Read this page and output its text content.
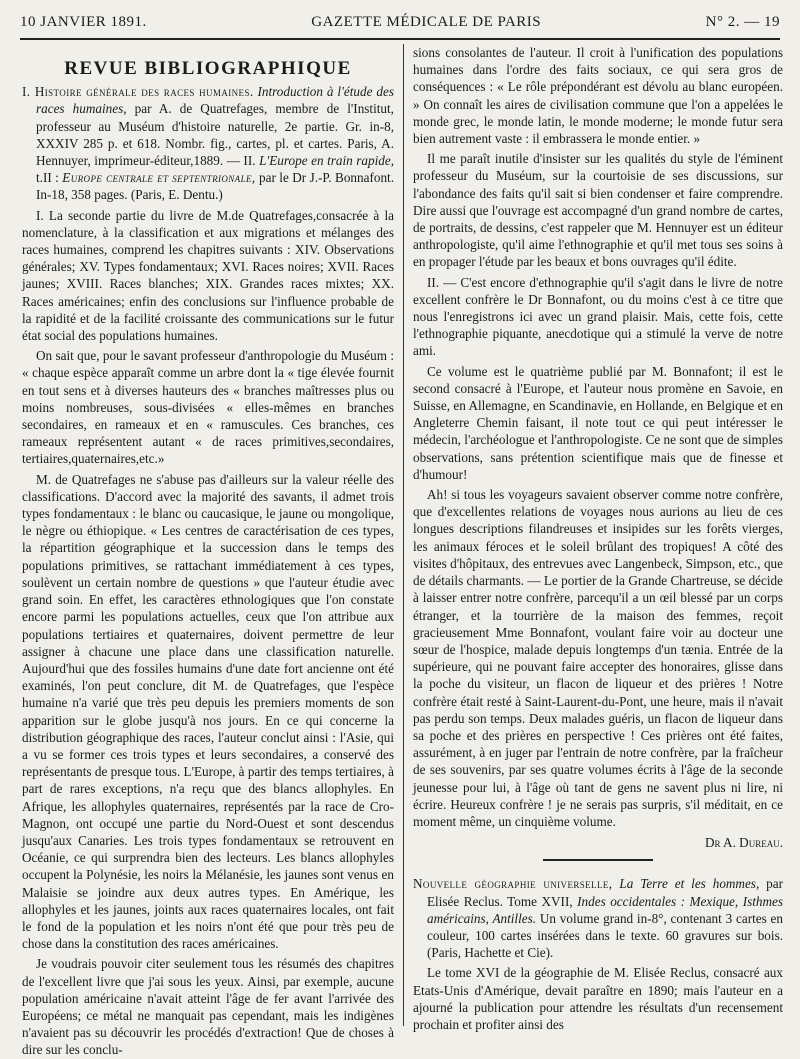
10 JANVIER 1891.	GAZETTE MÉDICALE DE PARIS	N° 2. — 19
REVUE BIBLIOGRAPHIQUE

I. Histoire générale des races humaines. Introduction à l'étude des races humaines, par A. de Quatrefages, membre de l'Institut, professeur au Muséum d'histoire naturelle, 2e partie. Gr. in-8, XXXIV 285 p. et 618. Nombr. fig., cartes, pl. et cartes. Paris, A. Hennuyer, imprimeur-éditeur,1889. — II. L'Europe en train rapide, t.II : Europe centrale et septentrionale, par le Dr J.-P. Bonnafont. In-18, 358 pages. (Paris, E. Dentu.)

I. La seconde partie du livre de M.de Quatrefages,consacrée à la nomenclature, à la classification et aux migrations et mélanges des races humaines, comprend les chapitres suivants : XIV. Observations générales; XV. Types fondamentaux; XVI. Races noires; XVII. Races jaunes; XVIII. Races blanches; XIX. Grandes races mixtes; XX. Races américaines; enfin des conclusions sur l'influence probable de la rapidité et de la facilité croissante des communications sur le futur état social des populations humaines.

On sait que, pour le savant professeur d'anthropologie du Muséum : « chaque espèce apparaît comme un arbre dont la « tige élevée fournit en tout sens et à diverses hauteurs des « branches maîtresses plus ou moins nombreuses, sous-divisées « elles-mêmes en branches secondaires, en rameaux et en « ramuscules. Ces branches, ces rameaux représentent autant « de races primitives,secondaires, tertiaires,quaternaires,etc.»

M. de Quatrefages ne s'abuse pas d'ailleurs sur la valeur réelle des classifications. D'accord avec la majorité des savants, il admet trois types fondamentaux : le blanc ou caucasique, le jaune ou mongolique, le nègre ou éthiopique. « Les centres de caractérisation de ces types, la répartition géographique et la succession dans le temps des populations primitives, se rattachant immédiatement à ces types, soulèvent un certain nombre de questions » que l'auteur étudie avec grand soin. En effet, les caractères ethnologiques que l'on constate encore parmi les populations actuelles, ceux que l'on attribue aux populations tertiaires et quaternaires, doivent permettre de leur assigner à chacune une place dans une classification naturelle. Aujourd'hui que des fossiles humains d'une date fort ancienne ont été examinés, l'on peut conclure, dit M. de Quatrefages, que l'espèce humaine n'a varié que très peu depuis les premiers moments de son apparition sur le globe jusqu'à nos jours. En ce qui concerne la distribution géographique des races, l'auteur conclut ainsi : l'Asie, qui a vu se former ces trois types et leurs secondaires, a conservé des représentants de presque tous. L'Europe, à partir des temps tertiaires, à part de rares exceptions, n'a reçu que des blancs allophyles. En Afrique, les allophyles quaternaires, représentés par la race de Cro-Magnon, ont occupé une partie du Nord-Ouest et sont descendus jusqu'aux Canaries. Les trois types fondamentaux se retrouvent en Océanie, ce qui surprendra bien des lecteurs. Les blancs allophyles occupent la Polynésie, les noirs la Mélanésie, les jaunes sont venus en Malaisie se joindre aux deux autres types. En Amérique, les allophyles et les jaunes, joints aux races quaternaires locales, ont fait le fond de la population et les noirs n'ont été que pour très peu de chose dans la constitution des races américaines.

Je voudrais pouvoir citer seulement tous les résumés des chapitres de l'excellent livre que j'ai sous les yeux. Ainsi, par exemple, aucune population américaine n'avait atteint l'âge de fer avant l'arrivée des Européens; ce métal ne manquait pas cependant, mais les indigènes n'avaient pas su découvrir les procédés d'extraction! Que de choses à dire sur les conclu-

sions consolantes de l'auteur. Il croit à l'unification des populations humaines dans l'ordre des faits sociaux, ce qui sera gros de conséquences : « Le rôle prépondérant est dévolu au blanc européen. » On connaît les aires de civilisation commune que l'on a appelées le monde grec, le monde latin, le monde moderne; le monde futur sera bien autrement vaste : il embrassera le monde entier. »

Il me paraît inutile d'insister sur les qualités du style de l'éminent professeur du Muséum, sur la courtoisie de ses discussions, sur l'abondance des faits qu'il sait si bien condenser et faire comprendre. Dire aussi que l'ouvrage est accompagné d'un grand nombre de cartes, de portraits, de dessins, c'est rappeler que M. Hennuyer est un éditeur anthropologiste, qu'il aime l'ethnographie et qu'il met tous ses soins à en propager l'étude par les beaux et bons ouvrages qu'il édite.

II. — C'est encore d'ethnographie qu'il s'agit dans le livre de notre excellent confrère le Dr Bonnafont, ou du moins c'est à ce titre que nous l'enregistrons ici avec un grand plaisir. Mais, cette fois, cette l'ethnographie piquante, anecdotique qui a stimulé la verve de notre ami.

Ce volume est le quatrième publié par M. Bonnafont; il est le second consacré à l'Europe, et l'auteur nous promène en Savoie, en Suisse, en Allemagne, en Scandinavie, en Hollande, en Belgique et en Angleterre Chemin faisant, il note tout ce qui peut intéresser le médecin, l'archéologue et l'anthropologiste. Ce ne sont que de simples observations, sans prétention scientifique mais que de finesse et d'humour!

Ah! si tous les voyageurs savaient observer comme notre confrère, que d'excellentes relations de voyages nous aurions au lieu de ces longues descriptions filandreuses et insipides sur les forêts vierges, les animaux féroces et le soleil brûlant des tropiques! A côté des visites d'hôpitaux, des entrevues avec Langenbeck, Simpson, etc., que de détails charmants. — Le portier de la Grande Chartreuse, se décide à laisser entrer notre confrère, parcequ'il a un œil blessé par un corps étranger, et la tourrière de la maison des femmes, reçoit gracieusement Mme Bonnafont, voulant faire voir au docteur une sœur de l'hospice, malade depuis longtemps d'un tænia. Entrée de la supérieure, qui ne pouvant faire accepter des honoraires, glisse dans la poche du visiteur, un flacon de liqueur et des prières ! Notre confrère était resté à Saint-Laurent-du-Pont, une heure, mais il n'avait pas perdu son temps. Deux malades guéris, un flacon de liqueur dans sa poche et des prières en perspective ! Ces prières ont été faites, assurément, à en juger par l'entrain de notre confrère, par la fraîcheur de ses souvenirs, par ses quatre volumes écrits à l'âge de la seconde jeunesse pour lui, à l'âge où tant de gens ne savent plus ni lire, ni écrire. Heureux confrère ! je ne serais pas surpris, s'il méditait, en ce moment même, un cinquième volume.

Dr A. Dureau.

Nouvelle géographie universelle, La Terre et les hommes, par Elisée Reclus. Tome XVII, Indes occidentales : Mexique, Isthmes américains, Antilles. Un volume grand in-8°, contenant 3 cartes en couleur, 100 cartes insérées dans le texte. 60 gravures sur bois. (Paris, Hachette et Cie).

Le tome XVI de la géographie de M. Elisée Reclus, consacré aux Etats-Unis d'Amérique, devait paraître en 1890; mais l'auteur en a ajourné la publication pour attendre les résultats d'un recensement prochain et profiter ainsi des
